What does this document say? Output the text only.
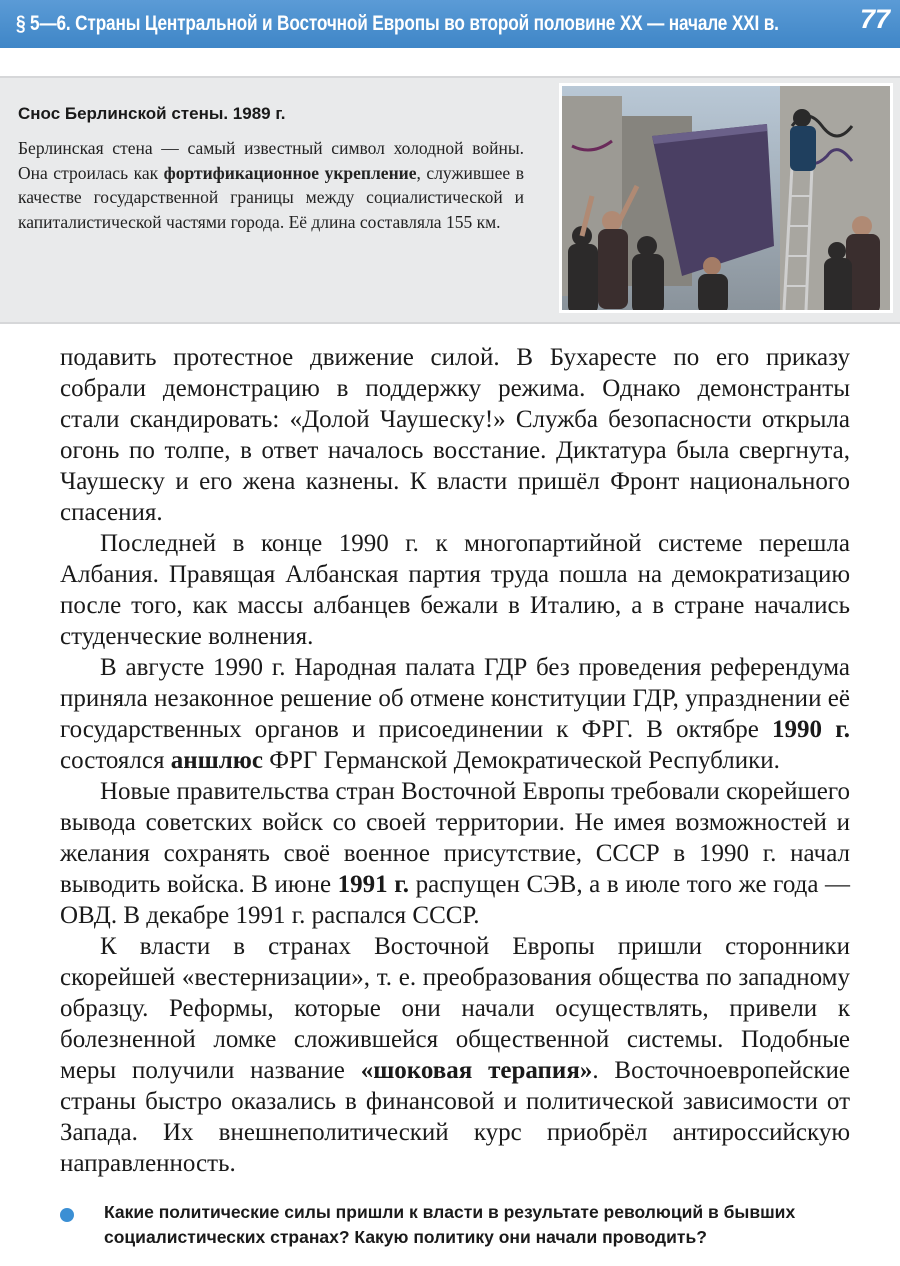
§ 5—6. Страны Центральной и Восточной Европы во второй половине XX — начале XXI в.	77
Снос Берлинской стены. 1989 г.
Берлинская стена — самый известный символ холодной войны. Она строилась как фортификационное укрепление, служившее в качестве государственной границы между социалистической и капиталистической частями города. Её длина составляла 155 км.

подавить протестное движение силой. В Бухаресте по его приказу собрали демонстрацию в поддержку режима. Однако демонстранты стали скандировать: «Долой Чаушеску!» Служба безопасности открыла огонь по толпе, в ответ началось восстание. Диктатура была свергнута, Чаушеску и его жена казнены. К власти пришёл Фронт национального спасения.

Последней в конце 1990 г. к многопартийной системе перешла Албания. Правящая Албанская партия труда пошла на демократизацию после того, как массы албанцев бежали в Италию, а в стране начались студенческие волнения.

В августе 1990 г. Народная палата ГДР без проведения референдума приняла незаконное решение об отмене конституции ГДР, упразднении её государственных органов и присоединении к ФРГ. В октябре 1990 г. состоялся аншлюс ФРГ Германской Демократической Республики.

Новые правительства стран Восточной Европы требовали скорейшего вывода советских войск со своей территории. Не имея возможностей и желания сохранять своё военное присутствие, СССР в 1990 г. начал выводить войска. В июне 1991 г. распущен СЭВ, а в июле того же года — ОВД. В декабре 1991 г. распался СССР.

К власти в странах Восточной Европы пришли сторонники скорейшей «вестернизации», т. е. преобразования общества по западному образцу. Реформы, которые они начали осуществлять, привели к болезненной ломке сложившейся общественной системы. Подобные меры получили название «шоковая терапия». Восточноевропейские страны быстро оказались в финансовой и политической зависимости от Запада. Их внешнеполитический курс приобрёл антироссийскую направленность.

Какие политические силы пришли к власти в результате революций в бывших социалистических странах? Какую политику они начали проводить?
